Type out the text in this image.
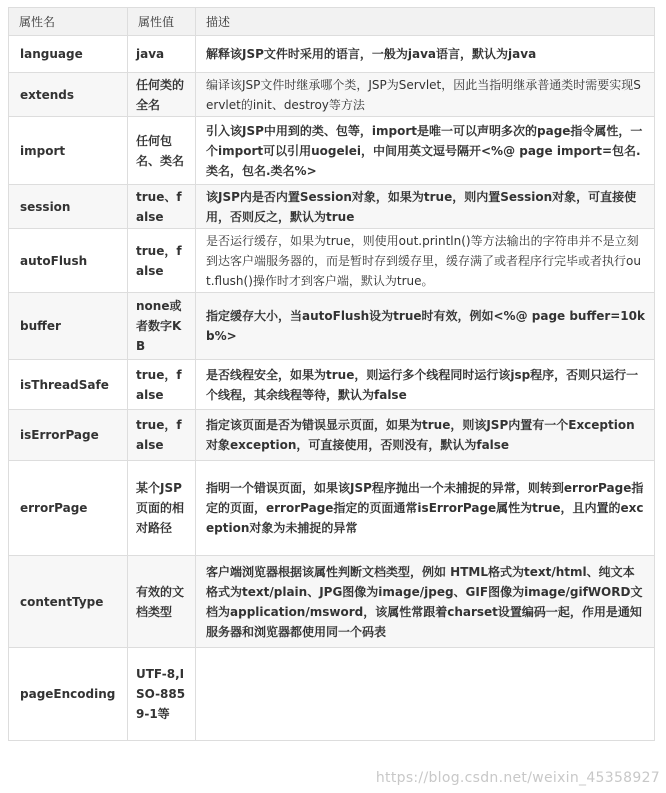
属性名	属性值	描述
language	java	解释该JSP文件时采用的语言，一般为java语言，默认为java
extends	任何类的全名	编译该JSP文件时继承哪个类，JSP为Servlet，因此当指明继承普通类时需要实现Servlet的init、destroy等方法
import	任何包名、类名	引入该JSP中用到的类、包等，import是唯一可以声明多次的page指令属性，一个import可以引用uogelei，中间用英文逗号隔开<%@ page import=包名.类名，包名.类名%>
session	true、false	该JSP内是否内置Session对象，如果为true，则内置Session对象，可直接使用，否则反之，默认为true
autoFlush	true，false	是否运行缓存，如果为true，则使用out.println()等方法输出的字符串并不是立刻到达客户端服务器的，而是暂时存到缓存里，缓存满了或者程序行完毕或者执行out.flush()操作时才到客户端，默认为true。
buffer	none或者数字KB	指定缓存大小，当autoFlush设为true时有效，例如<%@ page buffer=10kb%>
isThreadSafe	true，false	是否线程安全，如果为true，则运行多个线程同时运行该jsp程序，否则只运行一个线程，其余线程等待，默认为false
isErrorPage	true，false	指定该页面是否为错误显示页面，如果为true，则该JSP内置有一个Exception对象exception，可直接使用，否则没有，默认为false
errorPage	某个JSP页面的相对路径	指明一个错误页面，如果该JSP程序抛出一个未捕捉的异常，则转到errorPage指定的页面，errorPage指定的页面通常isErrorPage属性为true，且内置的exception对象为未捕捉的异常
contentType	有效的文档类型	客户端浏览器根据该属性判断文档类型，例如 HTML格式为text/html、纯文本格式为text/plain、JPG图像为image/jpeg、GIF图像为image/gifWORD文档为application/msword，该属性常跟着charset设置编码一起，作用是通知服务器和浏览器都使用同一个码表
pageEncoding	UTF-8,ISO-8859-1等	
https://blog.csdn.net/weixin_45358927
